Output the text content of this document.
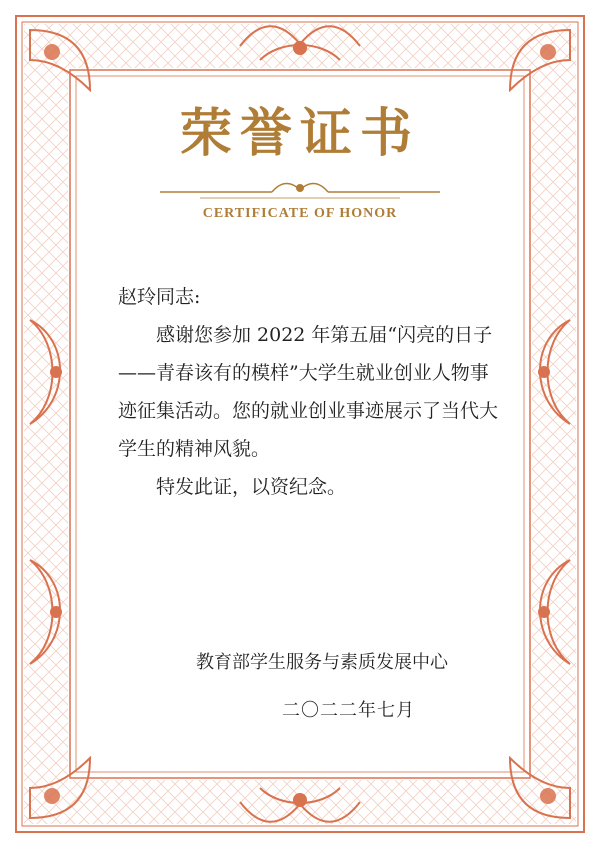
荣誉证书
CERTIFICATE OF HONOR

赵玲同志:

感谢您参加 2022 年第五届“闪亮的日子——青春该有的模样”大学生就业创业人物事迹征集活动。您的就业创业事迹展示了当代大学生的精神风貌。

特发此证，以资纪念。

教育部学生服务与素质发展中心
二〇二二年七月
